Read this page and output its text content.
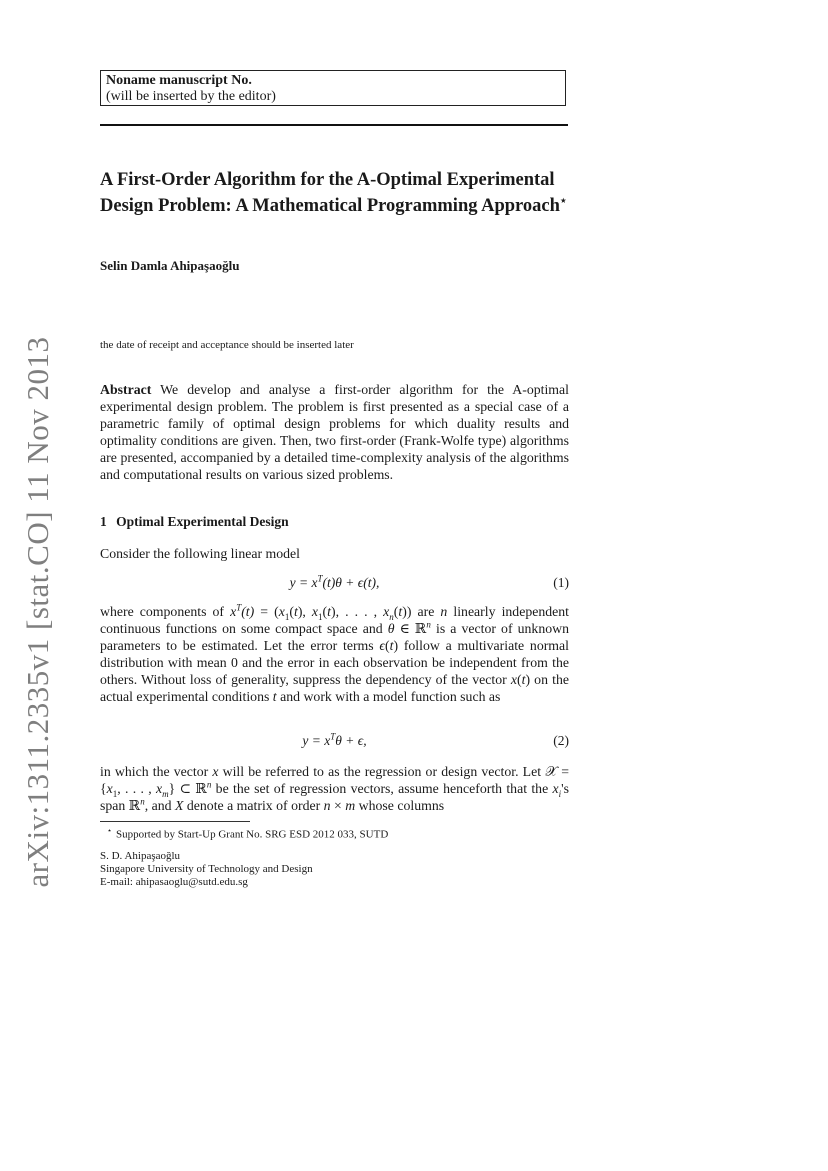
arXiv:1311.2335v1 [stat.CO] 11 Nov 2013
Noname manuscript No.
(will be inserted by the editor)
A First-Order Algorithm for the A-Optimal Experimental Design Problem: A Mathematical Programming Approach⋆
Selin Damla Ahipaşaoğlu
the date of receipt and acceptance should be inserted later
Abstract We develop and analyse a first-order algorithm for the A-optimal experimental design problem. The problem is first presented as a special case of a parametric family of optimal design problems for which duality results and optimality conditions are given. Then, two first-order (Frank-Wolfe type) algorithms are presented, accompanied by a detailed time-complexity analysis of the algorithms and computational results on various sized problems.
1 Optimal Experimental Design
Consider the following linear model
$y = x^T(t)\theta + \epsilon(t)$,	(1)
where components of $x^T(t) = (x_1(t)$, $x_1(t)$, . . . , $x_n(t)$) are n linearly independent continuous functions on some compact space and θ ∈ ℝ$^n$ is a vector of unknown parameters to be estimated. Let the error terms ϵ(t) follow a multivariate normal distribution with mean 0 and the error in each observation be independent from the others. Without loss of generality, suppress the dependency of the vector x(t) on the actual experimental conditions t and work with a model function such as
$y = x^T\theta + \epsilon$,	(2)
in which the vector x will be referred to as the regression or design vector. Let 𝒳 = {$x_1$, . . . , $x_m$} ⊂ ℝ$^n$ be the set of regression vectors, assume henceforth that the $x_i's$ span ℝ$^n$, and X denote a matrix of order n × m whose columns
⋆ Supported by Start-Up Grant No. SRG ESD 2012 033, SUTD
S. D. Ahipaşaoğlu
Singapore University of Technology and Design
E-mail: ahipasaoglu@sutd.edu.sg
